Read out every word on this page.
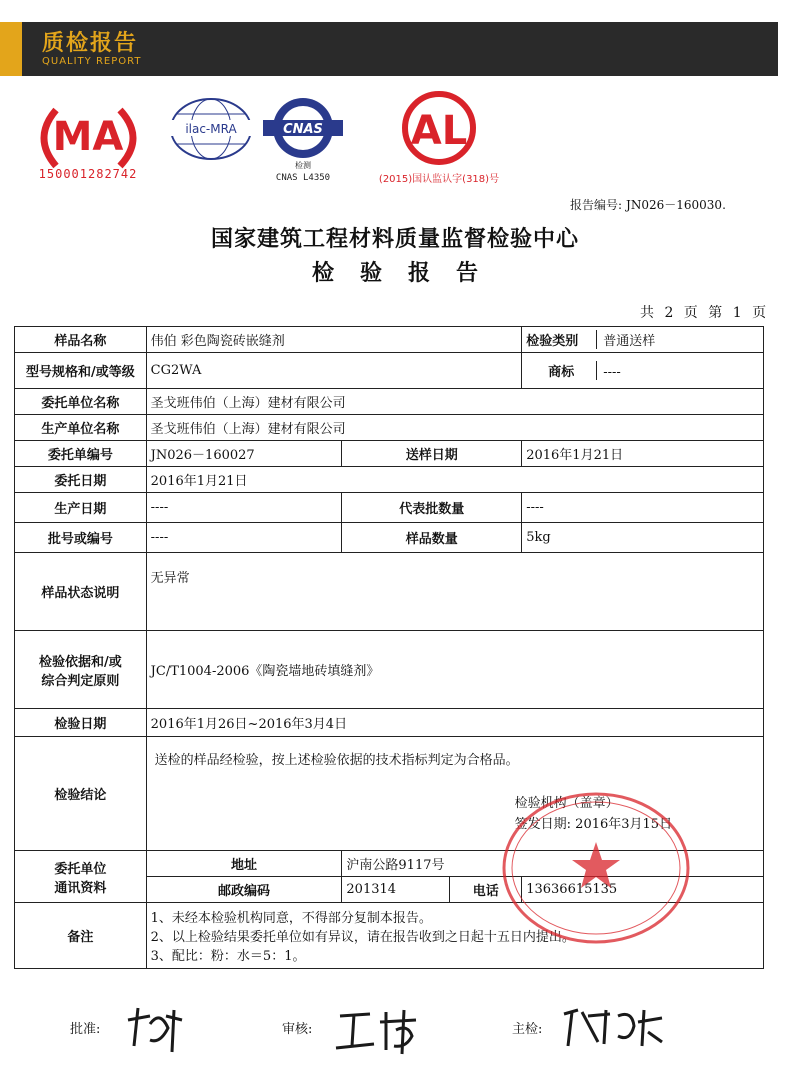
质检报告
QUALITY REPORT
MA
150001282742
ilac-MRA	CNAS
检测
CNAS L4350
AL
(2015)国认监认字(318)号
报告编号: JN026－160030.
国家建筑工程材料质量监督检验中心
检验报告
共 2 页 第 1 页
样品名称	伟伯 彩色陶瓷砖嵌缝剂			检验类别 普通送样
型号规格和/或等级	CG2WA			商标 ----
委托单位名称	圣戈班伟伯（上海）建材有限公司			
生产单位名称	圣戈班伟伯（上海）建材有限公司			
委托单编号	JN026－160027	送样日期		2016年1月21日
委托日期	2016年1月21日			
生产日期	----	代表批数量		----
批号或编号	----	样品数量		5kg
样品状态说明	无异常			

检验依据和/或
综合判定原则	JC/T1004-2006《陶瓷墙地砖填缝剂》			
检验日期	2016年1月26日~2016年3月4日			
检验结论	送检的样品经检验，按上述检验依据的技术指标判定为合格品。
检验机构（盖章）
签发日期: 2016年3月15日			

委托单位
通讯资料	地址	沪南公路9117号		
	邮政编码	201314	电话	13636615135
备注	1、未经本检验机构同意，不得部分复制本报告。
2、以上检验结果委托单位如有异议，请在报告收到之日起十五日内提出。
3、配比：粉：水＝5：1。			
批准:	审核:	主检:
